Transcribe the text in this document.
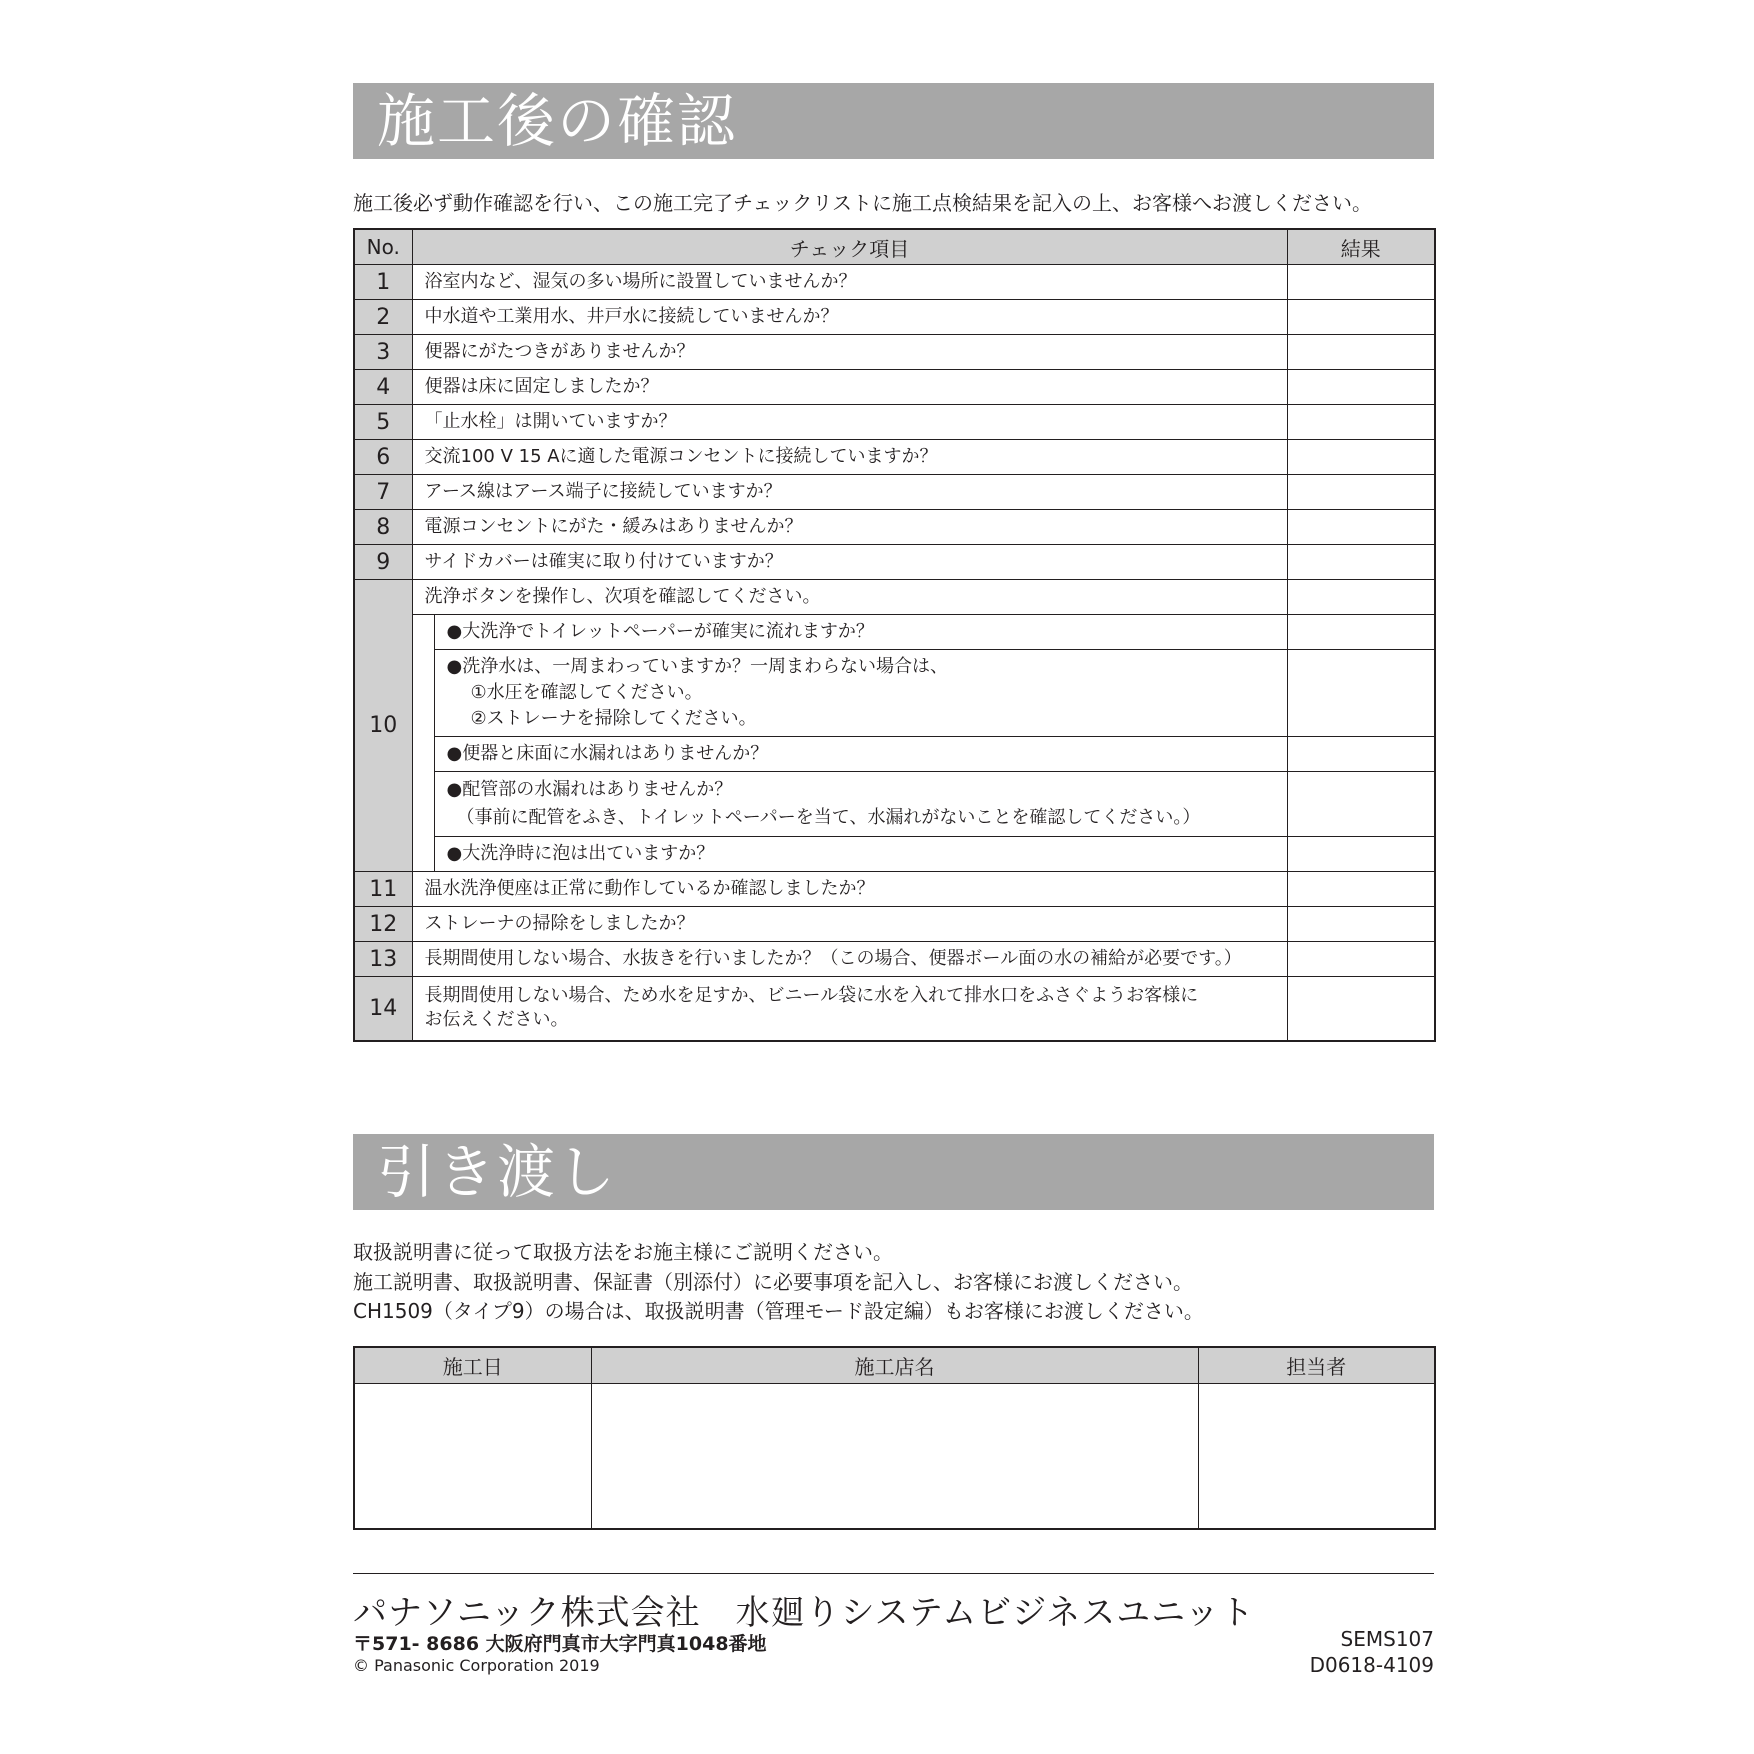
施工後の確認
施工後必ず動作確認を行い、この施工完了チェックリストに施工点検結果を記入の上、お客様へお渡しください。
No.	チェック項目		結果
1	浴室内など、湿気の多い場所に設置していませんか？		
2	中水道や工業用水、井戸水に接続していませんか？		
3	便器にがたつきがありませんか？		
4	便器は床に固定しましたか？		
5	「止水栓」は開いていますか？		
6	交流100 V 15 Aに適した電源コンセントに接続していますか？		
7	アース線はアース端子に接続していますか？		
8	電源コンセントにがた・緩みはありませんか？		
9	サイドカバーは確実に取り付けていますか？		
10	洗浄ボタンを操作し、次項を確認してください。		
		●大洗浄でトイレットペーパーが確実に流れますか？	

		●洗浄水は、一周まわっていますか？一周まわらない場合は、
①水圧を確認してください。
②ストレーナを掃除してください。	

		●便器と床面に水漏れはありませんか？	

		●配管部の水漏れはありませんか？
（事前に配管をふき、トイレットペーパーを当て、水漏れがないことを確認してください。）	

		●大洗浄時に泡は出ていますか？	
11	温水洗浄便座は正常に動作しているか確認しましたか？		
12	ストレーナの掃除をしましたか？		
13	長期間使用しない場合、水抜きを行いましたか？（この場合、便器ボール面の水の補給が必要です。）		
14	長期間使用しない場合、ため水を足すか、ビニール袋に水を入れて排水口をふさぐようお客様に
お伝えください。		

引き渡し

取扱説明書に従って取扱方法をお施主様にご説明ください。

施工説明書、取扱説明書、保証書（別添付）に必要事項を記入し、お客様にお渡しください。

CH1509（タイプ9）の場合は、取扱説明書（管理モード設定編）もお客様にお渡しください。

施工日	施工店名	担当者

パナソニック株式会社　水廻りシステムビジネスユニット
〒571- 8686 大阪府門真市大字門真1048番地
© Panasonic Corporation 2019
SEMS107
D0618-4109
